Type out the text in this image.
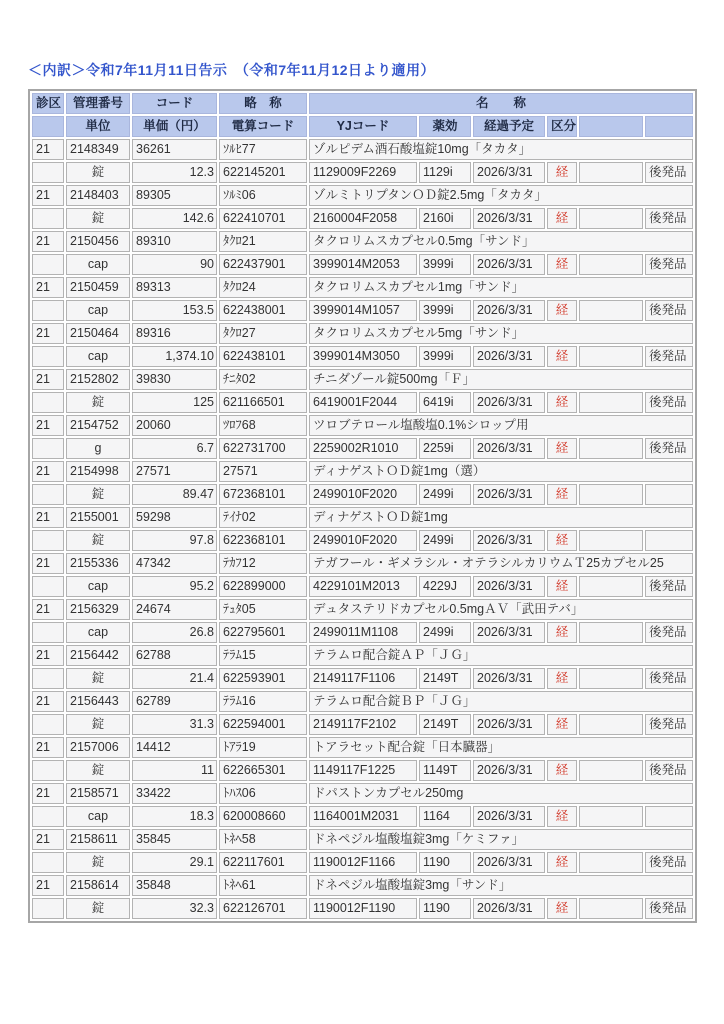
＜内訳＞令和7年11月11日告示　（令和7年11月12日より適用）

診区	管理番号	コード	略　称	名　　称					
	単位	単価（円）	電算コード	YJコード	薬効	経過予定	区分		
21	2148349	36261	ｿﾙﾋ77	ゾルピデム酒石酸塩錠10mg「タカタ」					

	錠	12.3	622145201	1129009F2269	1129i	2026/3/31	経		後発品
21	2148403	89305	ｿﾙﾐ06	ゾルミトリプタンＯＤ錠2.5mg「タカタ」					

	錠	142.6	622410701	2160004F2058	2160i	2026/3/31	経		後発品
21	2150456	89310	ﾀｸﾛ21	タクロリムスカプセル0.5mg「サンド」					

	cap	90	622437901	3999014M2053	3999i	2026/3/31	経		後発品
21	2150459	89313	ﾀｸﾛ24	タクロリムスカプセル1mg「サンド」					

	cap	153.5	622438001	3999014M1057	3999i	2026/3/31	経		後発品
21	2150464	89316	ﾀｸﾛ27	タクロリムスカプセル5mg「サンド」					

	cap	1,374.10	622438101	3999014M3050	3999i	2026/3/31	経		後発品
21	2152802	39830	ﾁﾆﾀ02	チニダゾール錠500mg「Ｆ」					

	錠	125	621166501	6419001F2044	6419i	2026/3/31	経		後発品
21	2154752	20060	ﾂﾛﾌ68	ツロブテロール塩酸塩0.1%シロップ用					

	g	6.7	622731700	2259002R1010	2259i	2026/3/31	経		後発品
21	2154998	27571	27571	ディナゲストＯＤ錠1mg（選）					

	錠	89.47	672368101	2499010F2020	2499i	2026/3/31	経		
21	2155001	59298	ﾃｲﾅ02	ディナゲストＯＤ錠1mg					

	錠	97.8	622368101	2499010F2020	2499i	2026/3/31	経		
21	2155336	47342	ﾃｶﾌ12	テガフール・ギメラシル・オテラシルカリウムＴ25カプセル 25					

	cap	95.2	622899000	4229101M2013	4229J	2026/3/31	経		後発品
21	2156329	24674	ﾃｭﾀ05	デュタステリドカプセル0.5mgＡＶ「武田テバ」					

	cap	26.8	622795601	2499011M1108	2499i	2026/3/31	経		後発品
21	2156442	62788	ﾃﾗﾑ15	テラムロ配合錠ＡＰ「ＪＧ」					

	錠	21.4	622593901	2149117F1106	2149T	2026/3/31	経		後発品
21	2156443	62789	ﾃﾗﾑ16	テラムロ配合錠ＢＰ「ＪＧ」					

	錠	31.3	622594001	2149117F2102	2149T	2026/3/31	経		後発品
21	2157006	14412	ﾄｱﾗ19	トアラセット配合錠「日本臓器」					

	錠	11	622665301	1149117F1225	1149T	2026/3/31	経		後発品
21	2158571	33422	ﾄﾊｽ06	ドパストンカプセル250mg					

	cap	18.3	620008660	1164001M2031	1164	2026/3/31	経		
21	2158611	35845	ﾄﾈﾍ58	ドネペジル塩酸塩錠3mg「ケミファ」					

	錠	29.1	622117601	1190012F1166	1190	2026/3/31	経		後発品
21	2158614	35848	ﾄﾈﾍ61	ドネペジル塩酸塩錠3mg「サンド」					

	錠	32.3	622126701	1190012F1190	1190	2026/3/31	経		後発品
